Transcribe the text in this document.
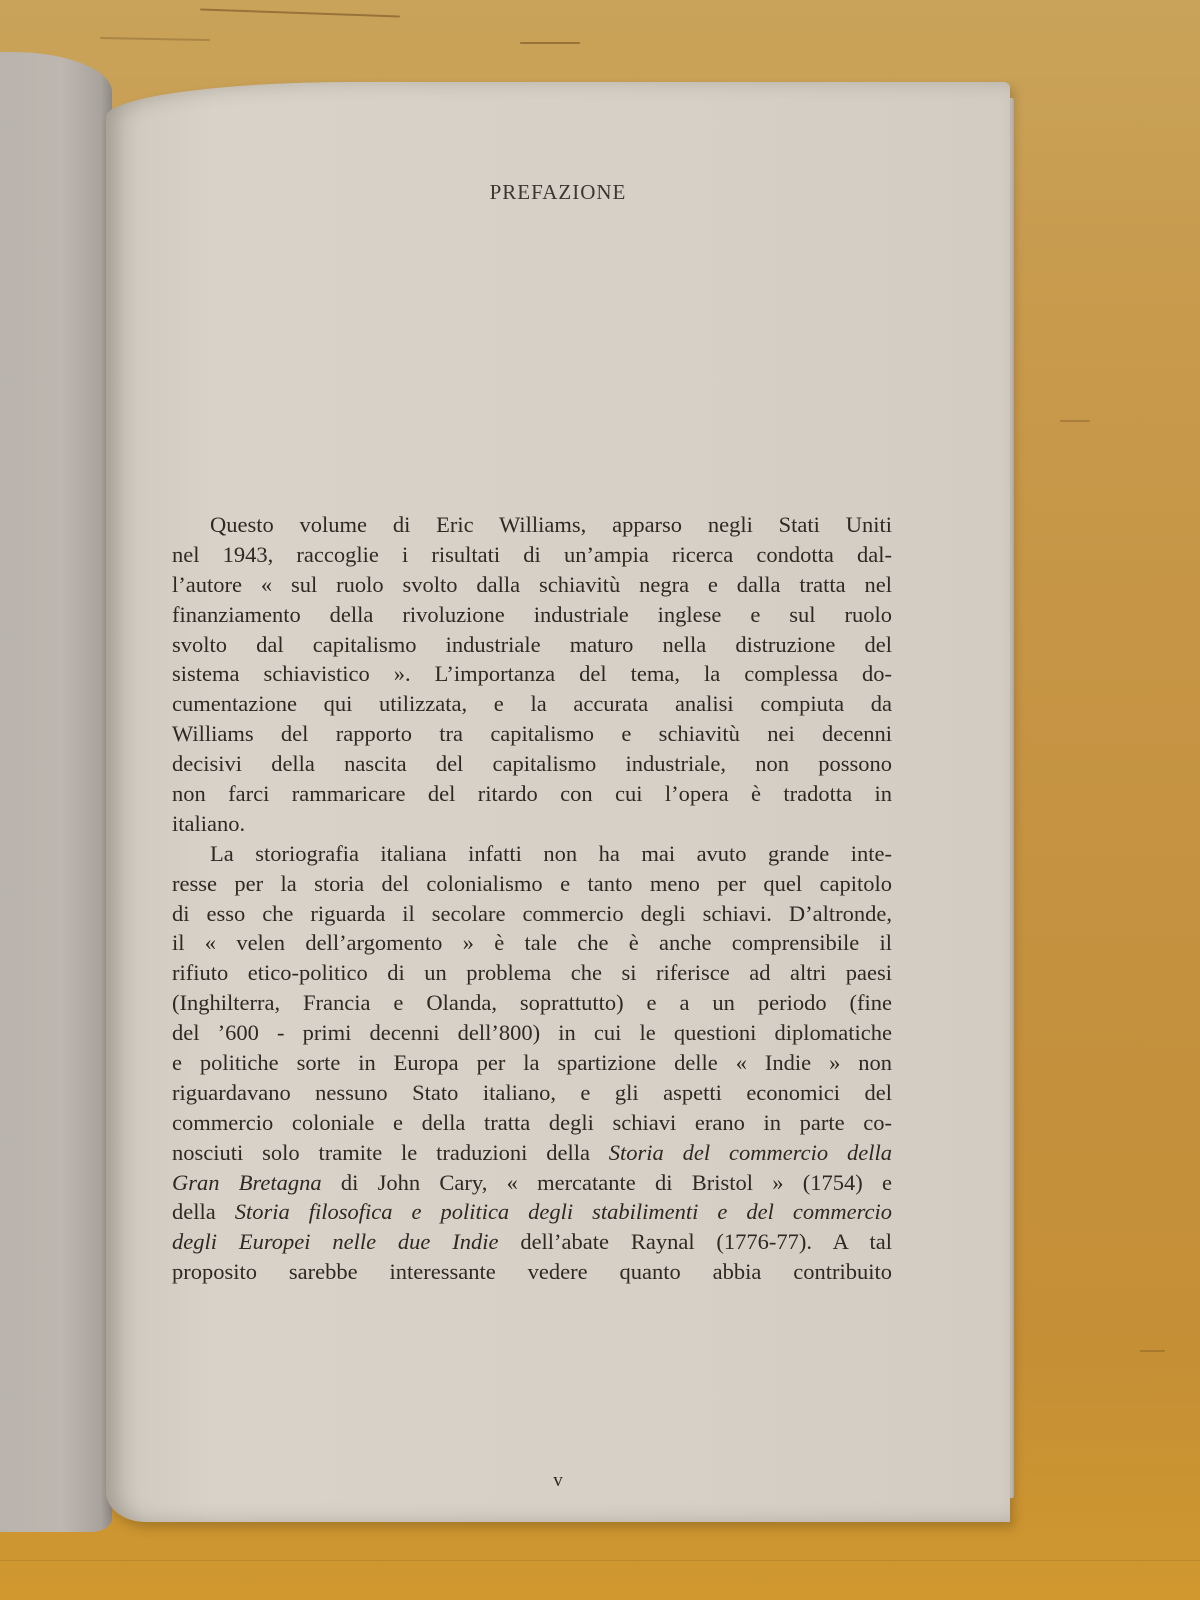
PREFAZIONE
Questo volume di Eric Williams, apparso negli Stati Uniti
nel 1943, raccoglie i risultati di un’ampia ricerca condotta dal-
l’autore « sul ruolo svolto dalla schiavitù negra e dalla tratta nel
finanziamento della rivoluzione industriale inglese e sul ruolo
svolto dal capitalismo industriale maturo nella distruzione del
sistema schiavistico ». L’importanza del tema, la complessa do-
cumentazione qui utilizzata, e la accurata analisi compiuta da
Williams del rapporto tra capitalismo e schiavitù nei decenni
decisivi della nascita del capitalismo industriale, non possono
non farci rammaricare del ritardo con cui l’opera è tradotta in
italiano.
La storiografia italiana infatti non ha mai avuto grande inte-
resse per la storia del colonialismo e tanto meno per quel capitolo
di esso che riguarda il secolare commercio degli schiavi. D’altronde,
il « velen dell’argomento » è tale che è anche comprensibile il
rifiuto etico-politico di un problema che si riferisce ad altri paesi
(Inghilterra, Francia e Olanda, soprattutto) e a un periodo (fine
del ’600 - primi decenni dell’800) in cui le questioni diplomatiche
e politiche sorte in Europa per la spartizione delle « Indie » non
riguardavano nessuno Stato italiano, e gli aspetti economici del
commercio coloniale e della tratta degli schiavi erano in parte co-
nosciuti solo tramite le traduzioni della Storia del commercio della
Gran Bretagna di John Cary, « mercatante di Bristol » (1754) e
della Storia filosofica e politica degli stabilimenti e del commercio
degli Europei nelle due Indie dell’abate Raynal (1776-77). A tal
proposito sarebbe interessante vedere quanto abbia contribuito
v
